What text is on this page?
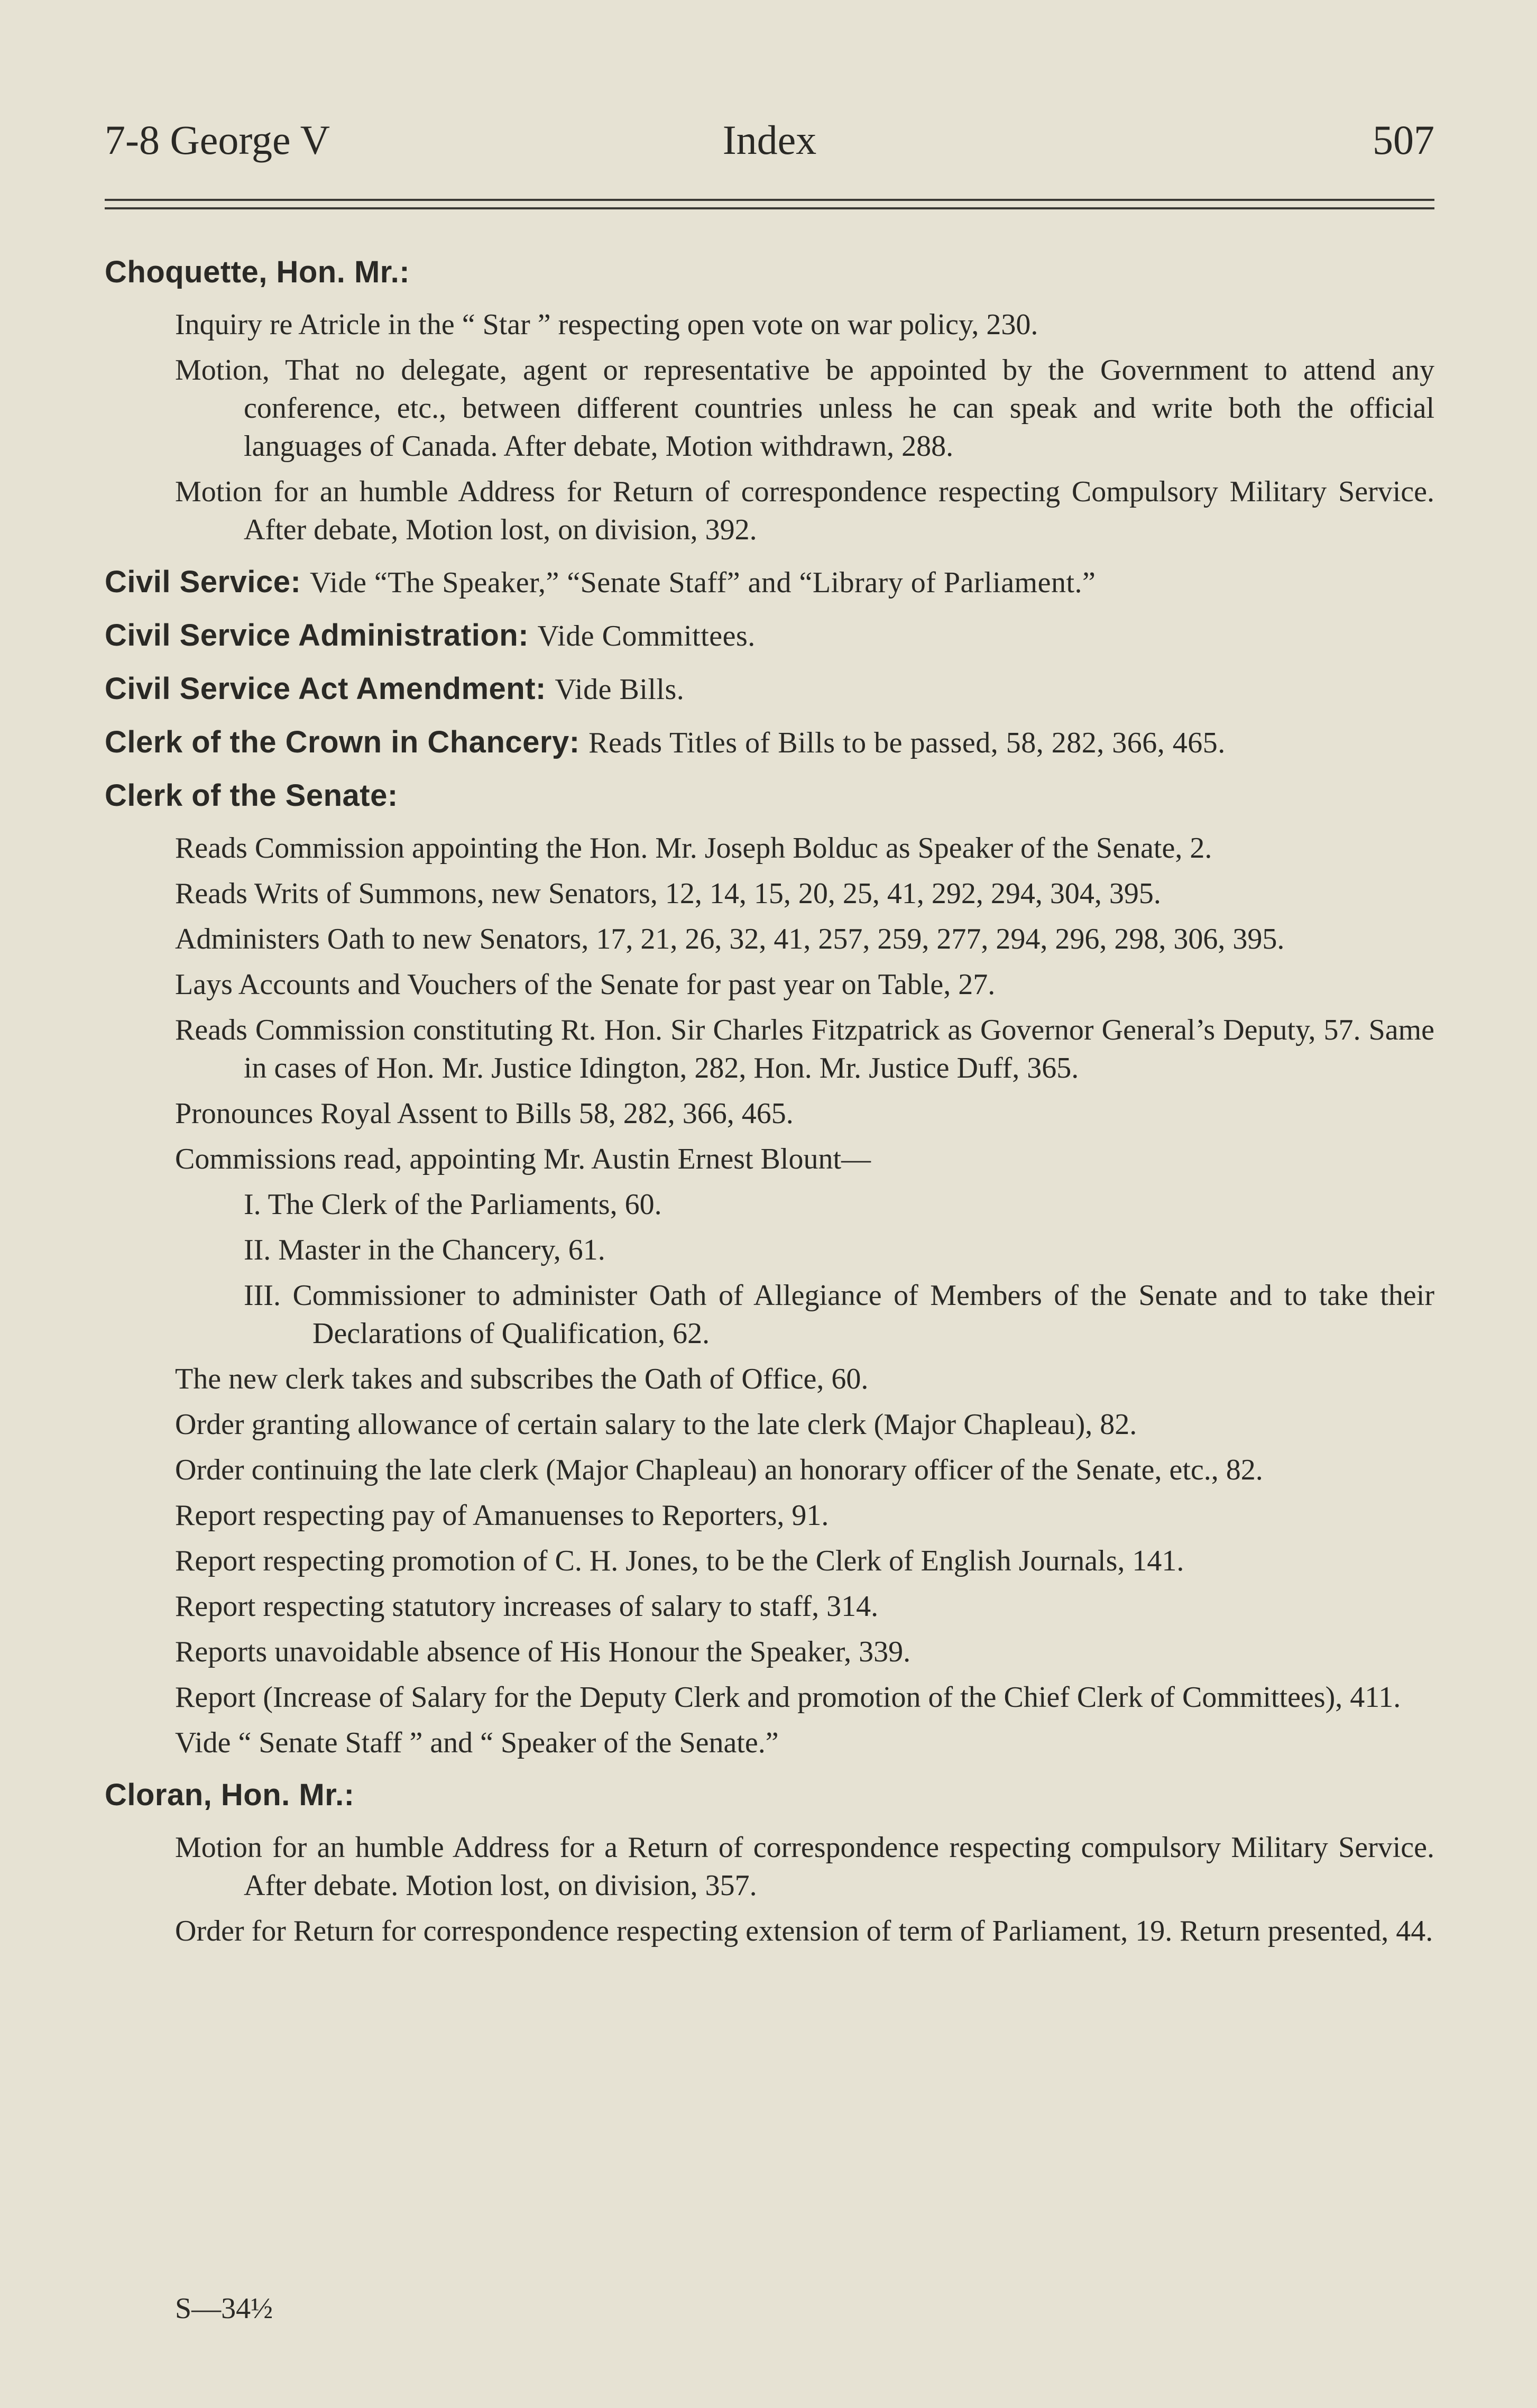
7-8 George V	Index	507
Choquette, Hon. Mr.:
Inquiry re Atricle in the “ Star ” respecting open vote on war policy, 230.
Motion, That no delegate, agent or representative be appointed by the Government to attend any conference, etc., between different countries unless he can speak and write both the official languages of Canada. After debate, Motion withdrawn, 288.
Motion for an humble Address for Return of correspondence respecting Compulsory Military Service. After debate, Motion lost, on division, 392.
Civil Service: Vide “The Speaker,” “Senate Staff” and “Library of Parliament.”
Civil Service Administration: Vide Committees.
Civil Service Act Amendment: Vide Bills.
Clerk of the Crown in Chancery: Reads Titles of Bills to be passed, 58, 282, 366, 465.
Clerk of the Senate:
Reads Commission appointing the Hon. Mr. Joseph Bolduc as Speaker of the Senate, 2.
Reads Writs of Summons, new Senators, 12, 14, 15, 20, 25, 41, 292, 294, 304, 395.
Administers Oath to new Senators, 17, 21, 26, 32, 41, 257, 259, 277, 294, 296, 298, 306, 395.
Lays Accounts and Vouchers of the Senate for past year on Table, 27.
Reads Commission constituting Rt. Hon. Sir Charles Fitzpatrick as Governor General’s Deputy, 57. Same in cases of Hon. Mr. Justice Idington, 282, Hon. Mr. Justice Duff, 365.
Pronounces Royal Assent to Bills 58, 282, 366, 465.
Commissions read, appointing Mr. Austin Ernest Blount—
I. The Clerk of the Parliaments, 60.
II. Master in the Chancery, 61.
III. Commissioner to administer Oath of Allegiance of Members of the Senate and to take their Declarations of Qualification, 62.
The new clerk takes and subscribes the Oath of Office, 60.
Order granting allowance of certain salary to the late clerk (Major Chapleau), 82.
Order continuing the late clerk (Major Chapleau) an honorary officer of the Senate, etc., 82.
Report respecting pay of Amanuenses to Reporters, 91.
Report respecting promotion of C. H. Jones, to be the Clerk of English Journals, 141.
Report respecting statutory increases of salary to staff, 314.
Reports unavoidable absence of His Honour the Speaker, 339.
Report (Increase of Salary for the Deputy Clerk and promotion of the Chief Clerk of Committees), 411.
Vide “ Senate Staff ” and “ Speaker of the Senate.”
Cloran, Hon. Mr.:
Motion for an humble Address for a Return of correspondence respecting compulsory Military Service. After debate. Motion lost, on division, 357.
Order for Return for correspondence respecting extension of term of Parliament, 19. Return presented, 44.
S—34½
